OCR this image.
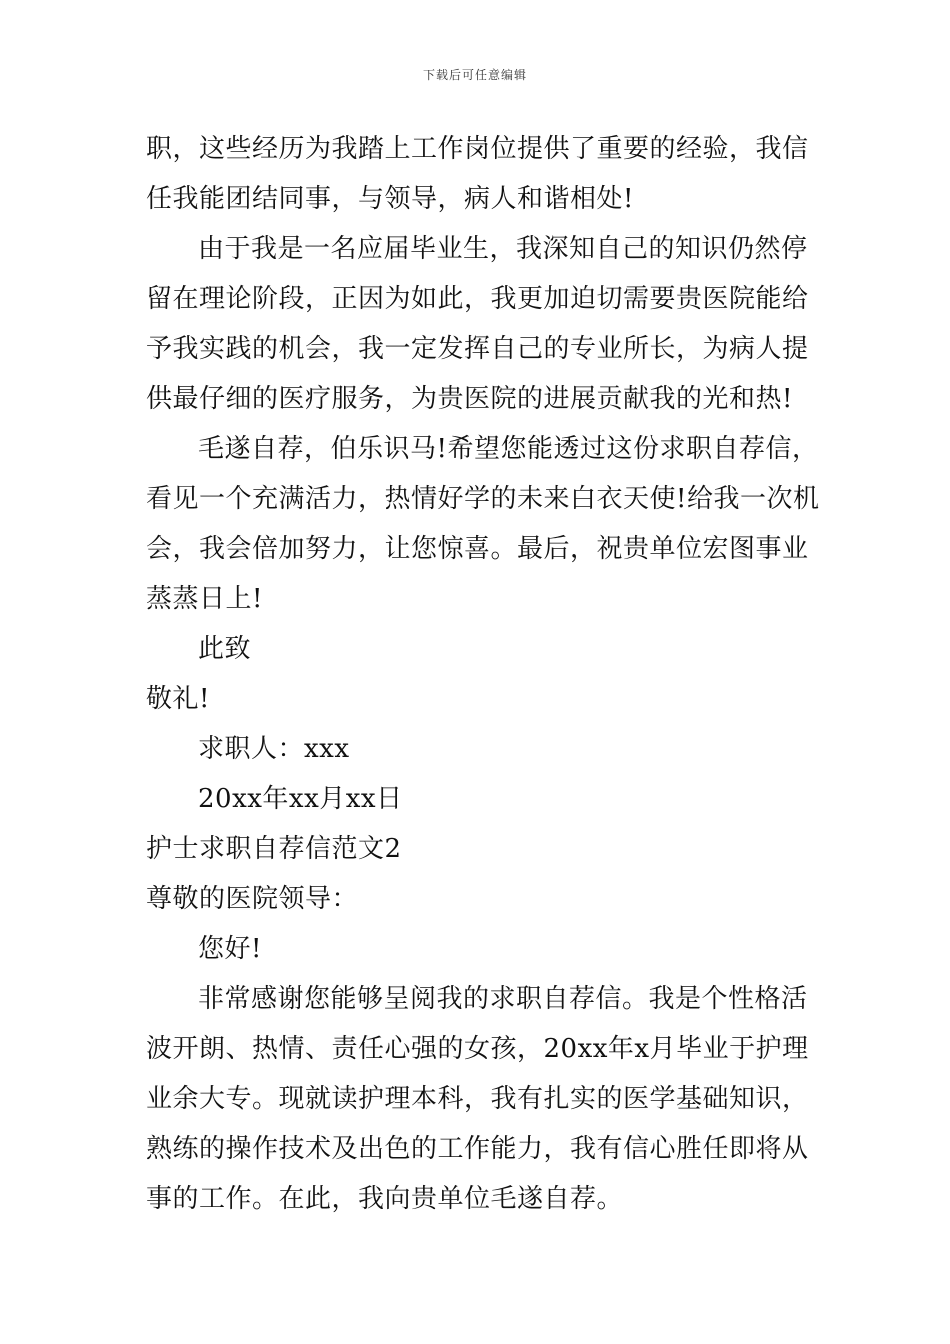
下载后可任意编辑
职，这些经历为我踏上工作岗位提供了重要的经验，我信
任我能团结同事，与领导，病人和谐相处!
由于我是一名应届毕业生，我深知自己的知识仍然停
留在理论阶段，正因为如此，我更加迫切需要贵医院能给
予我实践的机会，我一定发挥自己的专业所长，为病人提
供最仔细的医疗服务，为贵医院的进展贡献我的光和热!
毛遂自荐，伯乐识马!希望您能透过这份求职自荐信，
看见一个充满活力，热情好学的未来白衣天使!给我一次机
会，我会倍加努力，让您惊喜。最后，祝贵单位宏图事业
蒸蒸日上!
此致
敬礼!
求职人：xxx
20xx年xx月xx日
护士求职自荐信范文2
尊敬的医院领导：
您好!
非常感谢您能够呈阅我的求职自荐信。我是个性格活
波开朗、热情、责任心强的女孩，20xx年x月毕业于护理
业余大专。现就读护理本科，我有扎实的医学基础知识，
熟练的操作技术及出色的工作能力，我有信心胜任即将从
事的工作。在此，我向贵单位毛遂自荐。
